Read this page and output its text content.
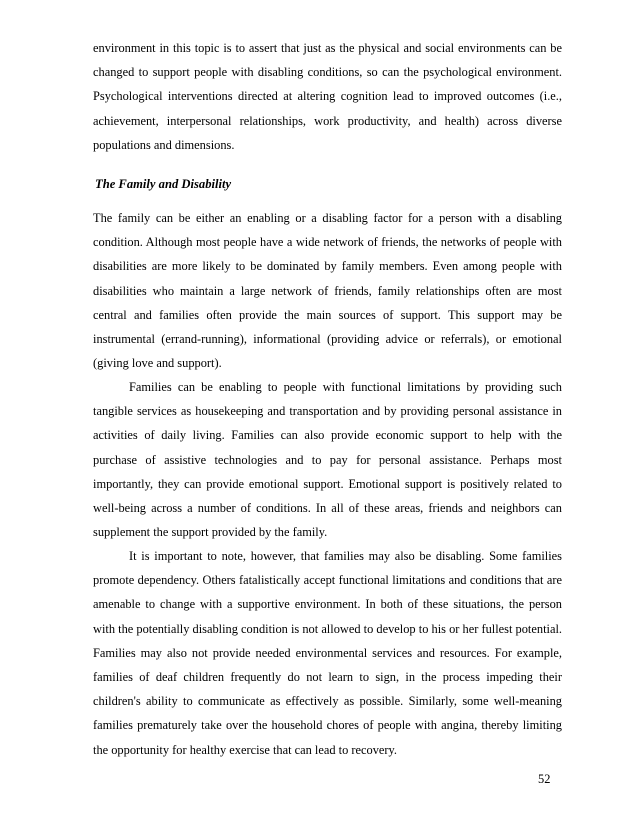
environment in this topic is to assert that just as the physical and social environments can be changed to support people with disabling conditions, so can the psychological environment. Psychological interventions directed at altering cognition lead to improved outcomes (i.e., achievement, interpersonal relationships, work productivity, and health) across diverse populations and dimensions.

The Family and Disability

The family can be either an enabling or a disabling factor for a person with a disabling condition. Although most people have a wide network of friends, the networks of people with disabilities are more likely to be dominated by family members. Even among people with disabilities who maintain a large network of friends, family relationships often are most central and families often provide the main sources of support. This support may be instrumental (errand-running), informational (providing advice or referrals), or emotional (giving love and support).

Families can be enabling to people with functional limitations by providing such tangible services as housekeeping and transportation and by providing personal assistance in activities of daily living. Families can also provide economic support to help with the purchase of assistive technologies and to pay for personal assistance. Perhaps most importantly, they can provide emotional support. Emotional support is positively related to well-being across a number of conditions. In all of these areas, friends and neighbors can supplement the support provided by the family.

It is important to note, however, that families may also be disabling. Some families promote dependency. Others fatalistically accept functional limitations and conditions that are amenable to change with a supportive environment. In both of these situations, the person with the potentially disabling condition is not allowed to develop to his or her fullest potential. Families may also not provide needed environmental services and resources. For example, families of deaf children frequently do not learn to sign, in the process impeding their children's ability to communicate as effectively as possible. Similarly, some well-meaning families prematurely take over the household chores of people with angina, thereby limiting the opportunity for healthy exercise that can lead to recovery.

52
